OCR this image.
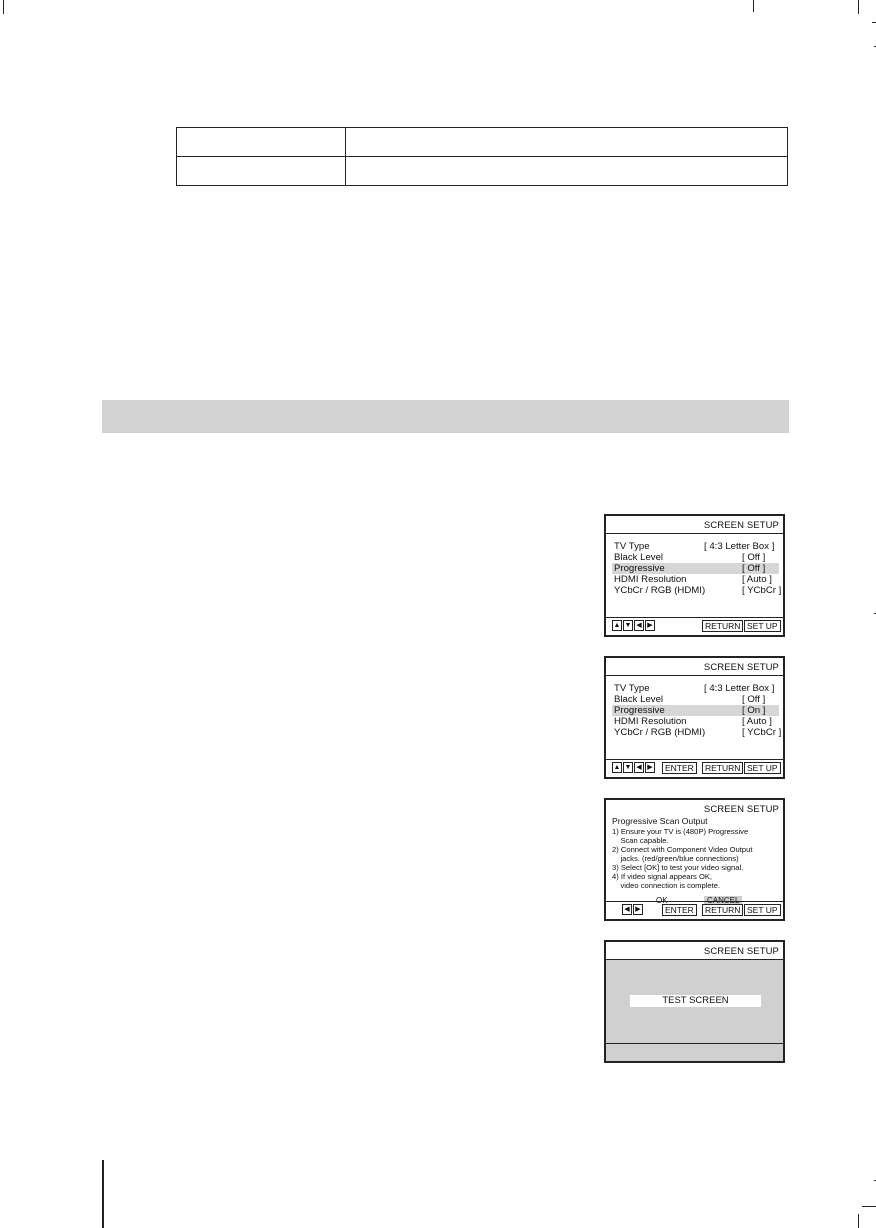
SCREEN SETUP
TV Type	[ 4:3 Letter Box ]
Black Level	[ Off ]
Progressive	[ Off ]
HDMI Resolution	[ Auto ]
YCbCr / RGB (HDMI)	[ YCbCr ]
▲ ▼ ◀ ▶	RETURN SET UP
SCREEN SETUP
TV Type	[ 4:3 Letter Box ]
Black Level	[ Off ]
Progressive	[ On ]
HDMI Resolution	[ Auto ]
YCbCr / RGB (HDMI)	[ YCbCr ]
▲ ▼ ◀ ▶	ENTER	RETURN SET UP
SCREEN SETUP
Progressive Scan Output
1) Ensure your TV is (480P) Progressive
Scan capable.
2) Connect with Component Video Output
jacks. (red/green/blue connections)
3) Select [OK] to test your video signal.
4) If video signal appears OK,
video connection is complete.
◀ ▶	ENTER	RETURN SET UP
SCREEN SETUP
TEST SCREEN
